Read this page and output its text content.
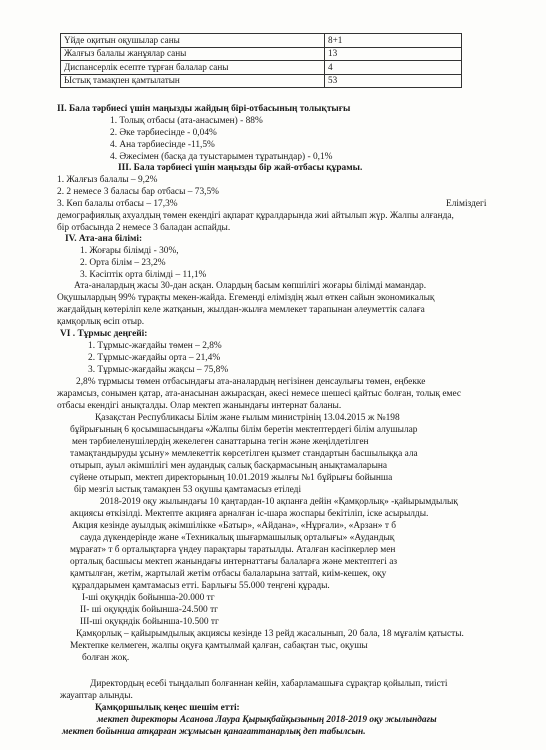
Үйде оқитын оқушылар саны	8+1
Жалғыз балалы жанұялар саны	13
Диспансерлік есепте тұрған балалар саны	4
Ыстық тамақпен қамтылатын	53
II. Бала тәрбиесі үшін маңызды жайдың бірі-отбасының толықтығы
1. Толық отбасы (ата-анасымен) - 88%
2. Әке тәрбиесінде - 0,04%
4. Ана тәрбиесінде -11,5%
4. Әжесімен (басқа да туыстарымен тұратындар) - 0,1%
III. Бала тәрбиесі үшін маңызды бір жай-отбасы құрамы.
1. Жалғыз балалы – 9,2%
2. 2 немесе 3 баласы бар отбасы – 73,5%
3. Көп балалы отбасы – 17,3%	Еліміздегі
демографиялық ахуалдың төмен екендігі ақпарат құралдарында жиі айтылып жүр. Жалпы алғанда,
бір отбасында 2 немесе 3 баладан аспайды.
IV. Ата-ана білімі:
1. Жоғары білімді - 30%,
2. Орта білім – 23,2%
3. Кәсіптік орта білімді – 11,1%
Ата-аналардың жасы 30-дан асқан. Олардың басым көпшілігі жоғары білімді мамандар.
Оқушылардың 99% тұрақты мекен-жайда. Егеменді еліміздің жыл өткен сайын экономикалық
жағдайдың көтеріліп келе жатқанын, жылдан-жылға мемлекет тарапынан әлеуметтік салаға
қамқорлық өсіп отыр.
VI . Тұрмыс деңгейі:
1. Тұрмыс-жағдайы төмен – 2,8%
2. Тұрмыс-жағдайы орта – 21,4%
3. Тұрмыс-жағдайы жақсы – 75,8%
2,8% тұрмысы төмен отбасындағы ата-аналардың негізінен денсаулығы төмен, еңбекке
жарамсыз, сонымен қатар, ата-анасынан ажырасқан, әкесі немесе шешесі қайтыс болған, толық емес
отбасы екендігі анықталды. Олар мектеп жанындағы интернат баланы.
Қазақстан Республикасы Білім және ғылым министрінің 13.04.2015 ж №198
бұйрығының 6 қосымшасындағы «Жалпы білім беретін мектептердегі білім алушылар
мен тәрбиеленушілердің жекелеген санаттарына тегін және жеңілдетілген
тамақтандыруды ұсыну» мемлекеттік көрсетілген қызмет стандартын басшылыққа ала
отырып, ауыл әкімшілігі мен аудандық салық басқармасының анықтамаларына
сүйене отырып, мектеп директорының 10.01.2019 жылғы №1 бұйрығы бойынша
бір мезгіл ыстық тамақпен 53 оқушы қамтамасыз етіледі
2018-2019 оқу жылындағы 10 қаңтардан-10 ақпанға дейін «Қамқорлық» -қайырымдылық
акциясы өткізілді. Мектепте акцияға арналған іс-шара жоспары бекітіліп, іске асырылды.
Акция кезінде ауылдық әкімшілікке «Батыр», «Айдана», «Нұрғали», «Арзан» т б
сауда дүкендерінде және «Техникалық шығармашылық орталығы» «Аудандық
мұрағат» т б орталықтарға үндеу парақтары таратылды. Аталған кәсіпкерлер мен
орталық басшысы мектеп жанындағы интернаттағы балаларға және мектептегі аз
қамтылған, жетім, жартылай жетім отбасы балаларына заттай, киім-кешек, оқу
құралдарымен қамтамасыз етті. Барлығы 55.000 теңгені құрады.
І-ші оқуқндік бойынша-20.000 тг
ІІ- ші оқуқндік бойынша-24.500 тг
ІІІ-ші оқуқндік бойынша-10.500 тг
Қамқорлық – қайырымдылық акциясы кезінде 13 рейд жасалынып, 20 бала, 18 мұғалім қатысты.
Мектепке келмеген, жалпы оқуға қамтылмай қалған, сабақтан тыс, оқушы
болған жоқ.
Директордың есебі тыңдалып болғаннан кейін, хабарламашыға сұрақтар қойылып, тиісті
жауаптар алынды.
Қамқоршылық кеңес шешім етті:
мектеп директоры Асанова Лаура Қырықбайқызының 2018-2019 оқу жылындағы
мектеп бойынша атқарған жұмысын қанағаттанарлық деп табылсын.
